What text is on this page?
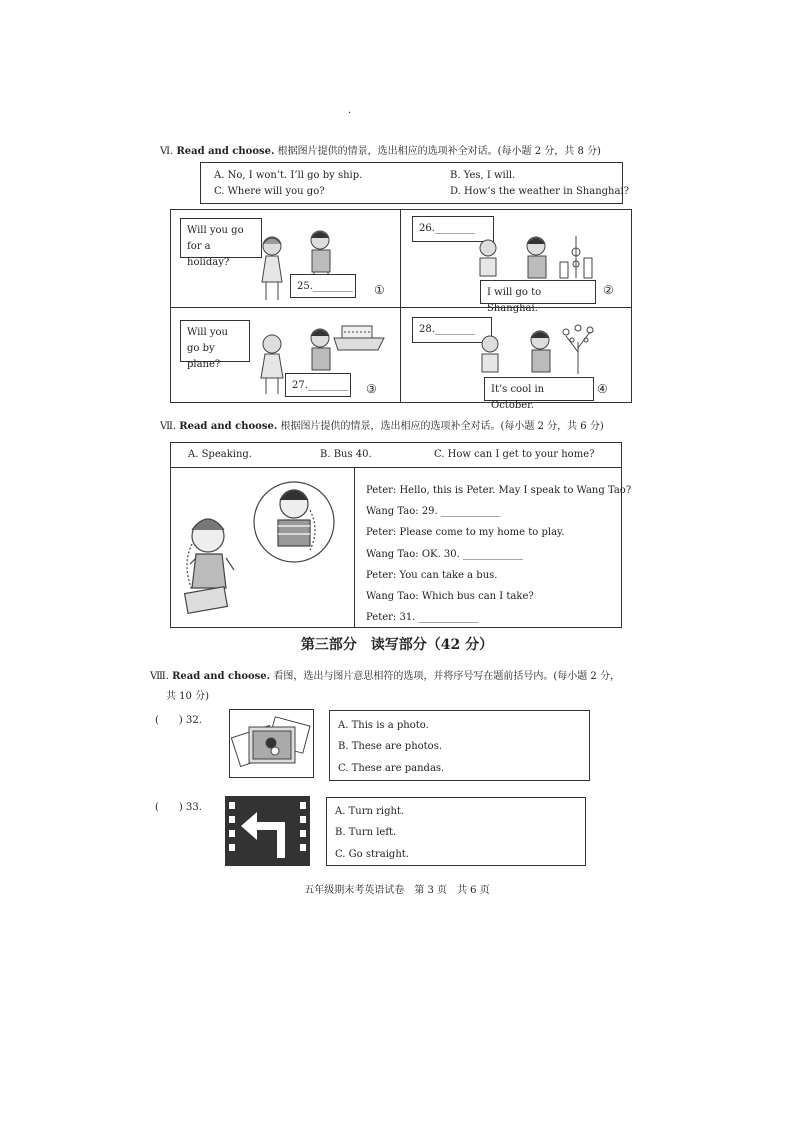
·
Ⅵ. Read and choose. 根据图片提供的情景，选出相应的选项补全对话。(每小题 2 分，共 8 分)
A. No, I won’t. I’ll go by ship.	B. Yes, I will.
C. Where will you go?	D. How’s the weather in Shanghai?
Will you go for a holiday?
25.________ ①
26.________
I will go to Shanghai.
②
Will you go by plane?
27.________ ③
28.________
It’s cool in October.
④
Ⅶ. Read and choose. 根据图片提供的情景，选出相应的选项补全对话。(每小题 2 分，共 6 分)
A. Speaking.	B. Bus 40.	C. How can I get to your home?
Peter: Hello, this is Peter. May I speak to Wang Tao?
Wang Tao: 29. ____________
Peter: Please come to my home to play.
Wang Tao: OK. 30. ____________
Peter: You can take a bus.
Wang Tao: Which bus can I take?
Peter: 31. ____________
第三部分　读写部分（42 分）
Ⅷ. Read and choose. 看图，选出与图片意思相符的选项，并将序号写在题前括号内。(每小题 2 分，
共 10 分)
(　　) 32.	A. This is a photo.
B. These are photos.
C. These are pandas.
(　　) 33.	A. Turn right.
B. Turn left.
C. Go straight.
五年级期末考英语试卷　第 3 页　共 6 页
